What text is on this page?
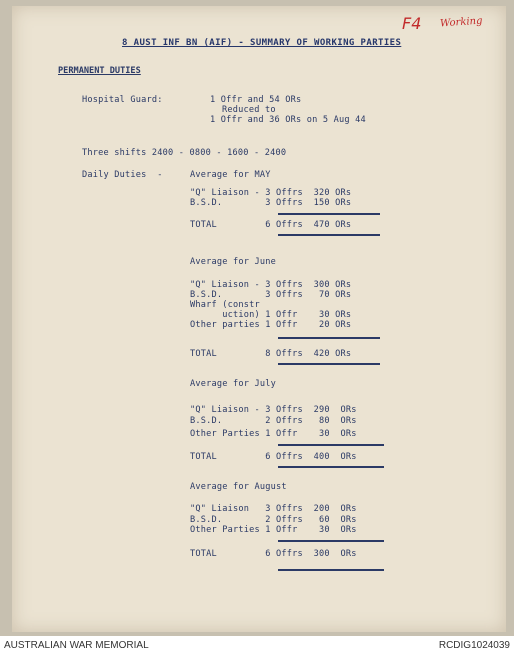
F4 Working
8 AUST INF BN (AIF) - SUMMARY OF WORKING PARTIES
PERMANENT DUTIES
Hospital Guard:	1 Offr and 54 ORs
Reduced to
1 Offr and 36 ORs on 5 Aug 44
Three shifts 2400 - 0800 - 1600 - 2400
Daily Duties  -	Average for MAY
"Q" Liaison - 3 Offrs  320 ORs
B.S.D.        3 Offrs  150 ORs
TOTAL         6 Offrs  470 ORs
Average for June
"Q" Liaison - 3 Offrs  300 ORs
B.S.D.        3 Offrs   70 ORs
Wharf (constr
uction) 1 Offr    30 ORs
Other parties 1 Offr    20 ORs
TOTAL         8 Offrs  420 ORs
Average for July
"Q" Liaison - 3 Offrs  290  ORs
B.S.D.        2 Offrs   80  ORs
Other Parties 1 Offr    30  ORs
TOTAL         6 Offrs  400  ORs
Average for August
"Q" Liaison   3 Offrs  200  ORs
B.S.D.        2 Offrs   60  ORs
Other Parties 1 Offr    30  ORs
TOTAL         6 Offrs  300  ORs
AUSTRALIAN WAR MEMORIAL	RCDIG1024039
